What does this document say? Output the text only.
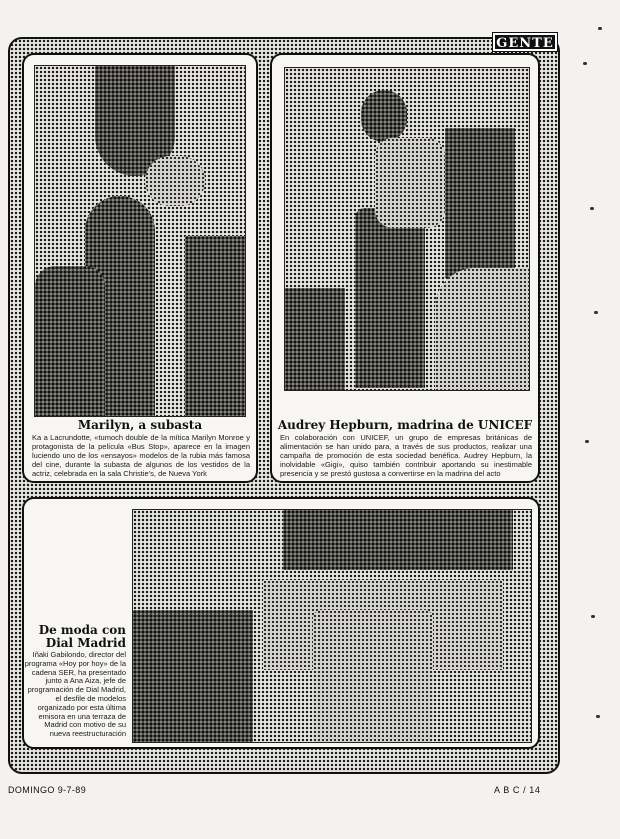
GENTE
Marilyn, a subasta
Ka a Lacrundotte, «tumoch double de la mítica Marilyn Monroe y protagonista de la película «Bus Stop», aparece en la imagen luciendo uno de los «ensayos» modelos de la rubia más famosa del cine, durante la subasta de algunos de los vestidos de la actriz, celebrada en la sala Christie's, de Nueva York
Audrey Hepburn, madrina de UNICEF
En colaboración con UNICEF, un grupo de empresas británicas de alimentación se han unido para, a través de sus productos, realizar una campaña de promoción de esta sociedad benéfica. Audrey Hepburn, la inolvidable «Gigi», quiso también contribuir aportando su inestimable presencia y se prestó gustosa a convertirse en la madrina del acto
De moda con Dial Madrid
Iñaki Gabilondo, director del programa «Hoy por hoy» de la cadena SER, ha presentado junto a Ana Aiza, jefe de programación de Dial Madrid, el desfile de modelos organizado por esta última emisora en una terraza de Madrid con motivo de su nueva reestructuración
DOMINGO 9-7-89	A B C / 14
